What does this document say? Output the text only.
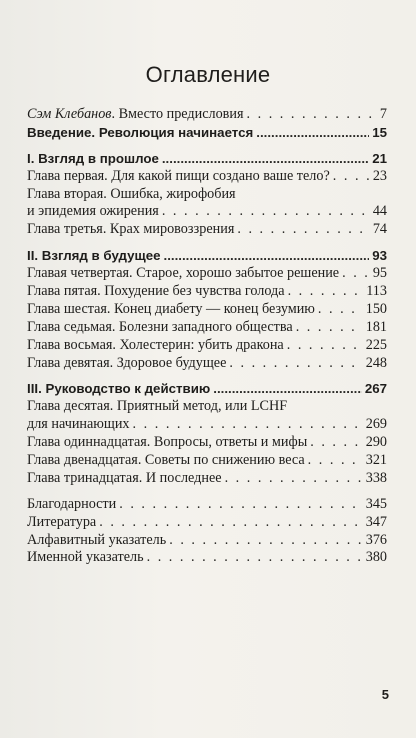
Оглавление
Сэм Клебанов. Вместо предисловия . . .	7
Введение. Революция начинается .....	15
I. Взгляд в прошлое .....	21
Глава первая. Для какой пищи создано ваше тело? . . .	23
Глава вторая. Ошибка, жирофобия
и эпидемия ожирения . . .	44
Глава третья. Крах мировоззрения . . .	74
II. Взгляд в будущее .....	93
Главая четвертая. Старое, хорошо забытое решение . . . 95
Глава пятая. Похудение без чувства голода . . .	113
Глава шестая. Конец диабету — конец безумию . . .	150
Глава седьмая. Болезни западного общества . . .	181
Глава восьмая. Холестерин: убить дракона . . .	225
Глава девятая. Здоровое будущее . . .	248
III. Руководство к действию .....	267
Глава десятая. Приятный метод, или LCHF
для начинающих . . .	269
Глава одиннадцатая. Вопросы, ответы и мифы . . .	290
Глава двенадцатая. Советы по снижению веса . . .	321
Глава тринадцатая. И последнее . . .	338
Благодарности . . .	345
Литература . . .	347
Алфавитный указатель . . .	376
Именной указатель . . .	380
5
